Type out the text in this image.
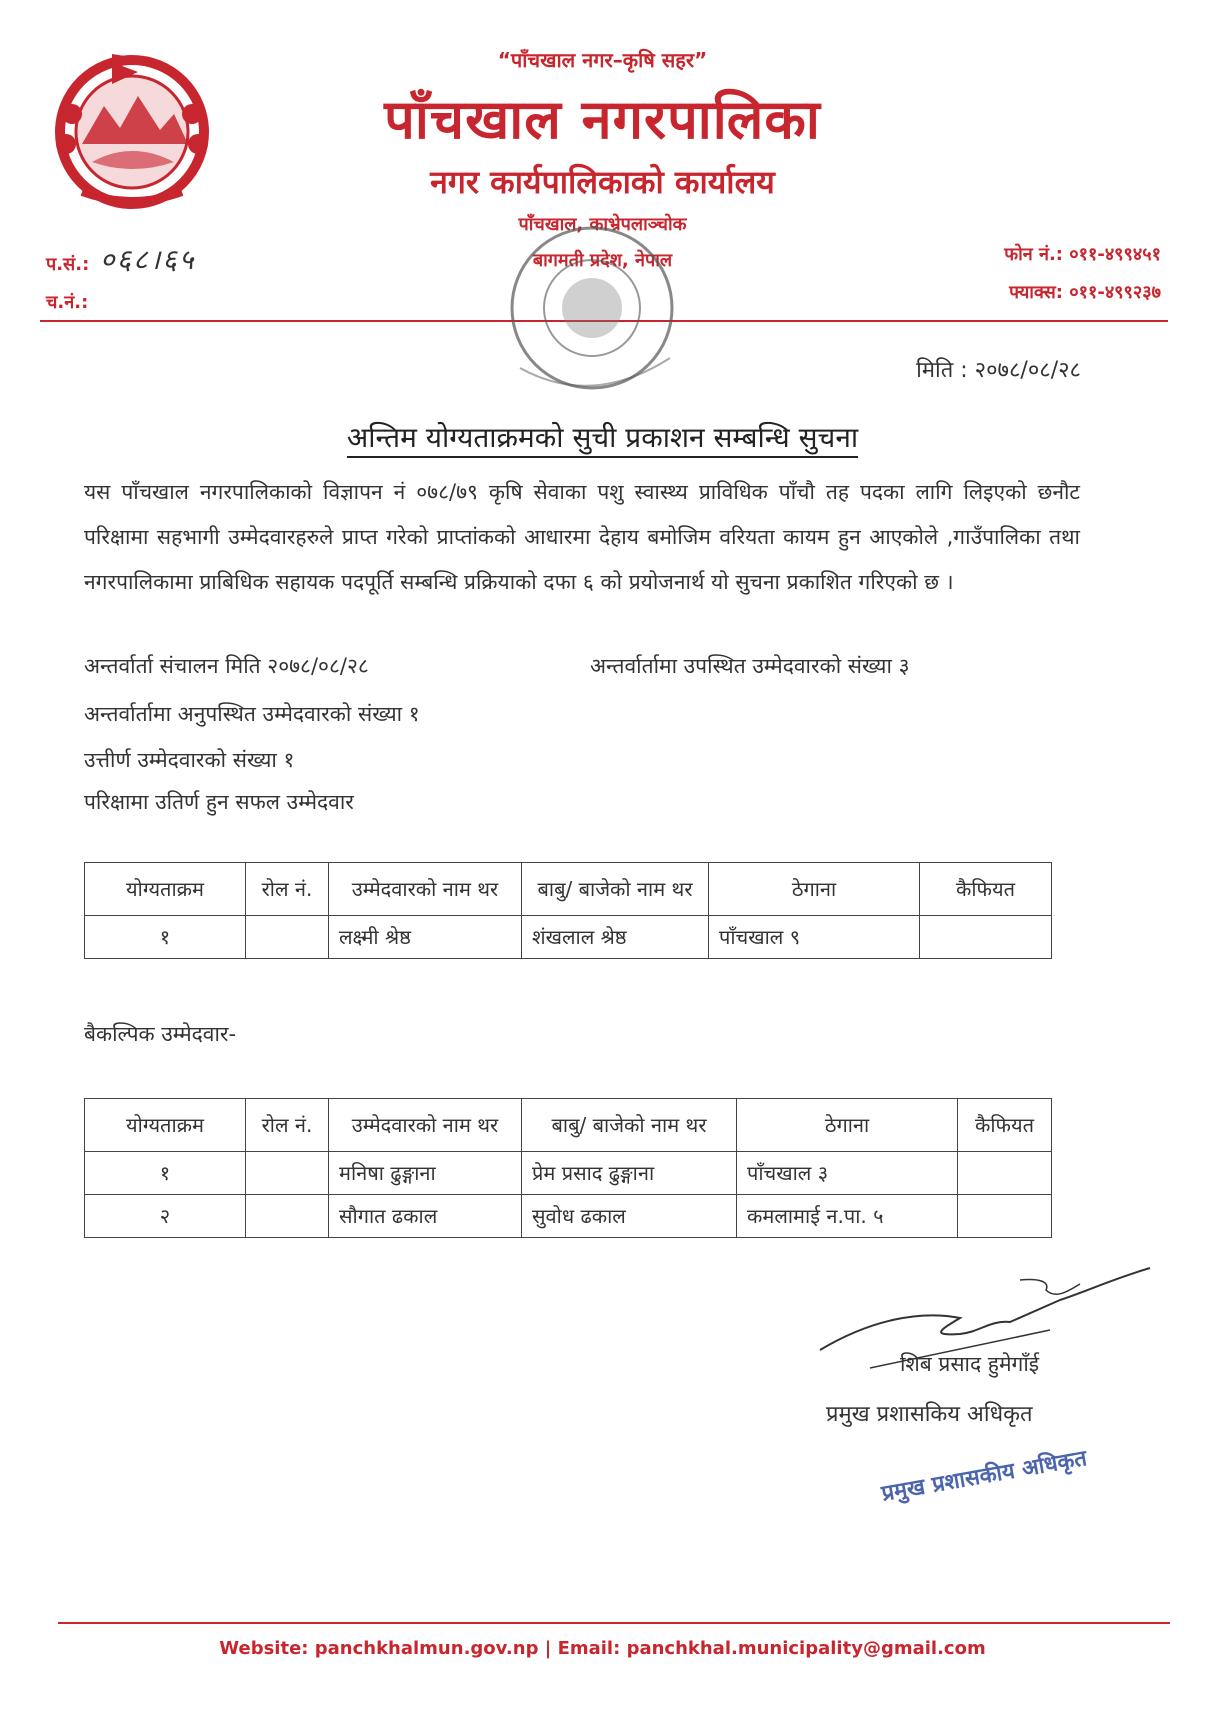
“पाँचखाल नगर–कृषि सहर”
पाँचखाल नगरपालिका
नगर कार्यपालिकाको कार्यालय
पाँचखाल, काभ्रेपलाञ्चोक
बागमती प्रदेश, नेपाल
प.सं.: ०६८।६५
च.नं.:
फोन नं.: ०११-४९९४५१
फ्याक्स: ०११-४९९२३७
मिति : २०७८/०८/२८
अन्तिम योग्यताक्रमको सुची प्रकाशन सम्बन्धि सुचना
यस पाँचखाल नगरपालिकाको विज्ञापन नं ०७८/७९ कृषि सेवाका पशु स्वास्थ्य प्राविधिक पाँचौ तह पदका लागि लिइएको छनौट परिक्षामा सहभागी उम्मेदवारहरुले प्राप्त गरेको प्राप्तांकको आधारमा देहाय बमोजिम वरियता कायम हुन आएकोले ,गाउँपालिका तथा नगरपालिकामा प्राबिधिक सहायक पदपूर्ति सम्बन्धि प्रक्रियाको दफा ६ को प्रयोजनार्थ यो सुचना प्रकाशित गरिएको छ ।
अन्तर्वार्ता संचालन मिति २०७८/०८/२८	अन्तर्वार्तामा उपस्थित उम्मेदवारको संख्या ३
अन्तर्वार्तामा अनुपस्थित उम्मेदवारको संख्या १
उत्तीर्ण उम्मेदवारको संख्या १
परिक्षामा उतिर्ण हुन सफल उम्मेदवार
योग्यताक्रम	रोल नं.	उम्मेदवारको नाम थर	बाबु/ बाजेको नाम थर	ठेगाना	कैफियत
१		लक्ष्मी श्रेष्ठ	शंखलाल श्रेष्ठ	पाँचखाल ९	
बैकल्पिक उम्मेदवार-
योग्यताक्रम	रोल नं.	उम्मेदवारको नाम थर	बाबु/ बाजेको नाम थर	ठेगाना	कैफियत
१		मनिषा ढुङ्गाना	प्रेम प्रसाद ढुङ्गाना	पाँचखाल ३	
२		सौगात ढकाल	सुवोध ढकाल	कमलामाई न.पा. ५	
शिब प्रसाद हुमेगाँई
प्रमुख प्रशासकिय अधिकृत
प्रमुख प्रशासकीय अधिकृत
Website: panchkhalmun.gov.np | Email: panchkhal.municipality@gmail.com
